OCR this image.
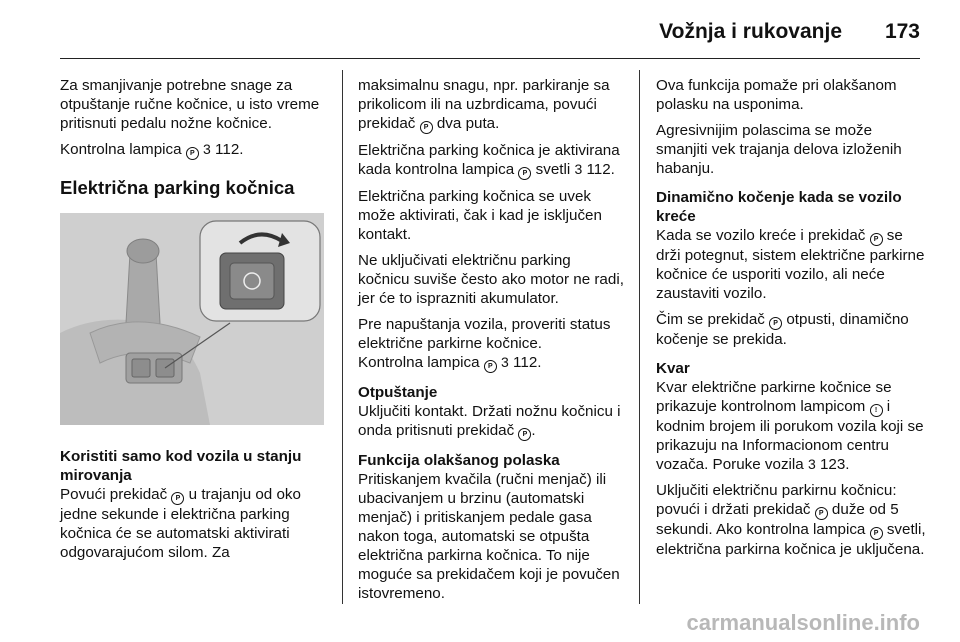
Vožnja i rukovanje 173

Za smanjivanje potrebne snage za otpuštanje ručne kočnice, u isto vreme pritisnuti pedalu nožne kočnice.

Kontrolna lampica P 3 112.

Električna parking kočnica

Koristiti samo kod vozila u stanju mirovanja

Povući prekidač P u trajanju od oko jedne sekunde i električna parking kočnica će se automatski aktivirati odgovarajućom silom. Za

maksimalnu snagu, npr. parkiranje sa prikolicom ili na uzbrdicama, povući prekidač P dva puta.

Električna parking kočnica je aktivirana kada kontrolna lampica P svetli 3 112.

Električna parking kočnica se uvek može aktivirati, čak i kad je isključen kontakt.

Ne uključivati električnu parking kočnicu suviše često ako motor ne radi, jer će to isprazniti akumulator.

Pre napuštanja vozila, proveriti status električne parkirne kočnice.
Kontrolna lampica P 3 112.

Otpuštanje

Uključiti kontakt. Držati nožnu kočnicu i onda pritisnuti prekidač P .

Funkcija olakšanog polaska

Pritiskanjem kvačila (ručni menjač) ili ubacivanjem u brzinu (automatski menjač) i pritiskanjem pedale gasa nakon toga, automatski se otpušta električna parkirna kočnica. To nije moguće sa prekidačem koji je povučen istovremeno.

Ova funkcija pomaže pri olakšanom polasku na usponima.

Agresivnijim polascima se može smanjiti vek trajanja delova izloženih habanju.

Dinamično kočenje kada se vozilo kreće

Kada se vozilo kreće i prekidač P se drži potegnut, sistem električne parkirne kočnice će usporiti vozilo, ali neće zaustaviti vozilo.

Čim se prekidač P otpusti, dinamično kočenje se prekida.

Kvar

Kvar električne parkirne kočnice se prikazuje kontrolnom lampicom ! i kodnim brojem ili porukom vozila koji se prikazuju na Informacionom centru vozača. Poruke vozila 3 123.

Uključiti električnu parkirnu kočnicu: povući i držati prekidač P duže od 5 sekundi. Ako kontrolna lampica P svetli, električna parkirna kočnica je uključena.

carmanualsonline.info
